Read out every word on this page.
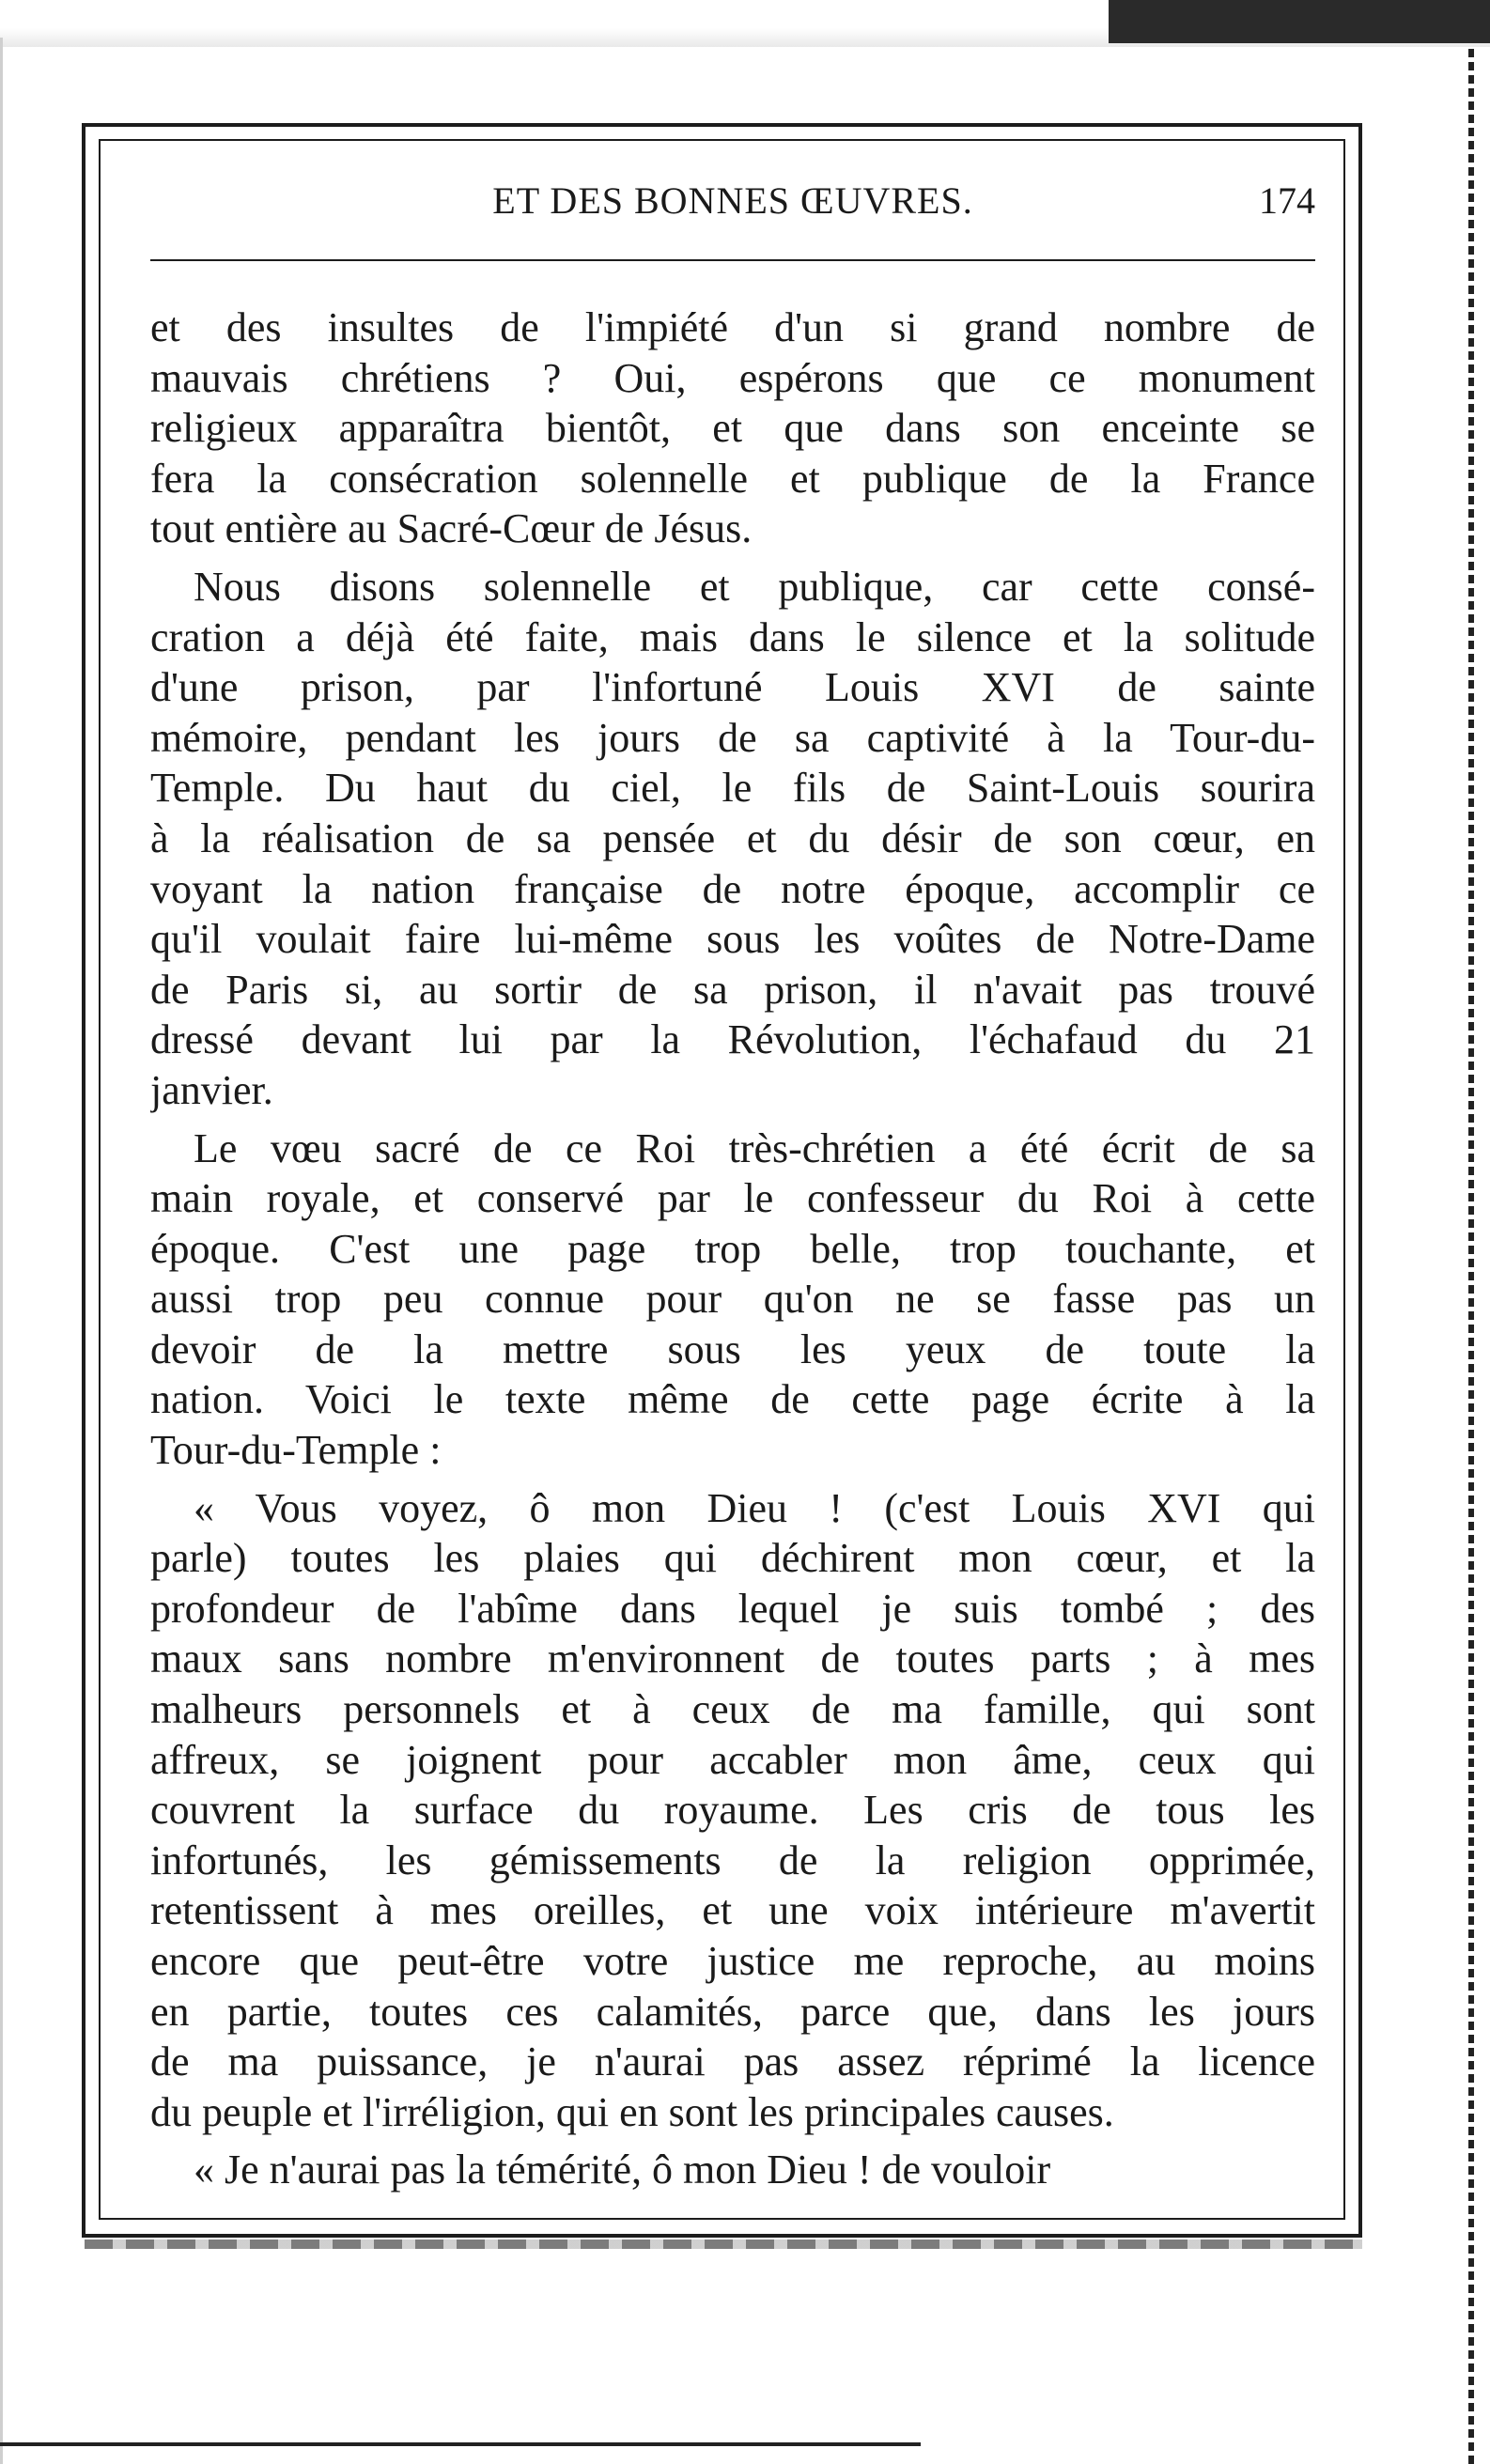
ET DES BONNES ŒUVRES.	174
et des insultes de l'impiété d'un si grand nombre de
mauvais chrétiens ? Oui, espérons que ce monument
religieux apparaîtra bientôt, et que dans son enceinte se
fera la consécration solennelle et publique de la France
tout entière au Sacré-Cœur de Jésus.
Nous disons solennelle et publique, car cette consé-
cration a déjà été faite, mais dans le silence et la solitude
d'une prison, par l'infortuné Louis XVI de sainte
mémoire, pendant les jours de sa captivité à la Tour-du-
Temple. Du haut du ciel, le fils de Saint-Louis sourira
à la réalisation de sa pensée et du désir de son cœur, en
voyant la nation française de notre époque, accomplir ce
qu'il voulait faire lui-même sous les voûtes de Notre-Dame
de Paris si, au sortir de sa prison, il n'avait pas trouvé
dressé devant lui par la Révolution, l'échafaud du 21
janvier.
Le vœu sacré de ce Roi très-chrétien a été écrit de sa
main royale, et conservé par le confesseur du Roi à cette
époque. C'est une page trop belle, trop touchante, et
aussi trop peu connue pour qu'on ne se fasse pas un
devoir de la mettre sous les yeux de toute la
nation. Voici le texte même de cette page écrite à la
Tour-du-Temple :
« Vous voyez, ô mon Dieu ! (c'est Louis XVI qui
parle) toutes les plaies qui déchirent mon cœur, et la
profondeur de l'abîme dans lequel je suis tombé ; des
maux sans nombre m'environnent de toutes parts ; à mes
malheurs personnels et à ceux de ma famille, qui sont
affreux, se joignent pour accabler mon âme, ceux qui
couvrent la surface du royaume. Les cris de tous les
infortunés, les gémissements de la religion opprimée,
retentissent à mes oreilles, et une voix intérieure m'avertit
encore que peut-être votre justice me reproche, au moins
en partie, toutes ces calamités, parce que, dans les jours
de ma puissance, je n'aurai pas assez réprimé la licence
du peuple et l'irréligion, qui en sont les principales causes.
« Je n'aurai pas la témérité, ô mon Dieu ! de vouloir
